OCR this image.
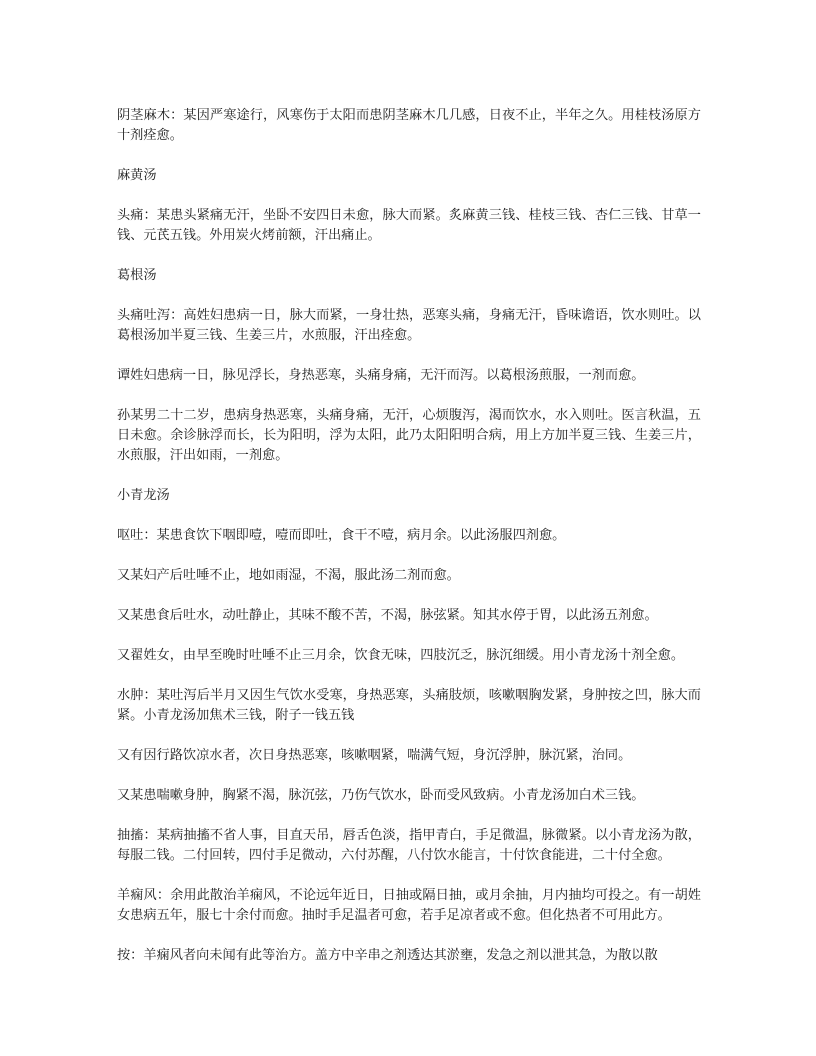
阴茎麻木：某因严寒途行，风寒伤于太阳而患阴茎麻木几几感，日夜不止，半年之久。用桂枝汤原方十剂痊愈。

麻黄汤

头痛：某患头紧痛无汗，坐卧不安四日未愈，脉大而紧。炙麻黄三钱、桂枝三钱、杏仁三钱、甘草一钱、元芪五钱。外用炭火烤前额，汗出痛止。

葛根汤

头痛吐泻：高姓妇患病一日，脉大而紧，一身壮热，恶寒头痛，身痛无汗，昏味谵语，饮水则吐。以葛根汤加半夏三钱、生姜三片，水煎服，汗出痊愈。

谭姓妇患病一日，脉见浮长，身热恶寒，头痛身痛，无汗而泻。以葛根汤煎服，一剂而愈。

孙某男二十二岁，患病身热恶寒，头痛身痛，无汗，心烦腹泻，渴而饮水，水入则吐。医言秋温，五日未愈。余诊脉浮而长，长为阳明，浮为太阳，此乃太阳阳明合病，用上方加半夏三钱、生姜三片，水煎服，汗出如雨，一剂愈。

小青龙汤

呕吐：某患食饮下咽即噎，噎而即吐，食干不噎，病月余。以此汤服四剂愈。

又某妇产后吐唾不止，地如雨湿，不渴，服此汤二剂而愈。

又某患食后吐水，动吐静止，其味不酸不苦，不渴，脉弦紧。知其水停于胃，以此汤五剂愈。

又翟姓女，由早至晚时吐唾不止三月余，饮食无味，四肢沉乏，脉沉细缓。用小青龙汤十剂全愈。

水肿：某吐泻后半月又因生气饮水受寒，身热恶寒，头痛肢烦，咳嗽咽胸发紧，身肿按之凹，脉大而紧。小青龙汤加焦术三钱，附子一钱五钱

又有因行路饮凉水者，次日身热恶寒，咳嗽咽紧，喘满气短，身沉浮肿，脉沉紧，治同。

又某患喘嗽身肿，胸紧不渴，脉沉弦，乃伤气饮水，卧而受风致病。小青龙汤加白术三钱。

抽搐：某病抽搐不省人事，目直天吊，唇舌色淡，指甲青白，手足微温，脉微紧。以小青龙汤为散，每服二钱。二付回转，四付手足微动，六付苏醒，八付饮水能言，十付饮食能进，二十付全愈。

羊痫风：余用此散治羊痫风，不论远年近日，日抽或隔日抽，或月余抽，月内抽均可投之。有一胡姓女患病五年，服七十余付而愈。抽时手足温者可愈，若手足凉者或不愈。但化热者不可用此方。

按：羊痫风者向未闻有此等治方。盖方中辛串之剂透达其淤壅，发急之剂以泄其急，为散以散
